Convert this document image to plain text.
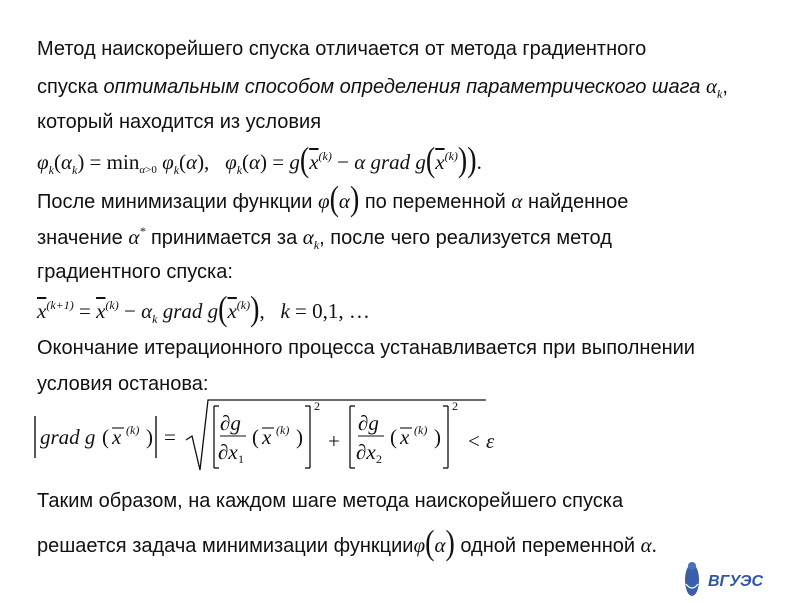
Метод наискорейшего спуска отличается от метода градиентного
спуска оптимальным способом определения параметрического шага $\alpha_k$,
который находится из условия
$\varphi_k(\alpha_k) = \min\alpha>0$ $\varphi_k(\alpha)$,   $\varphi_k(\alpha) = g(\overline{x}^{(k)} - \alpha$ grad $g(\overline{x}^{(k)})$).
После минимизации функции φ(α) по переменной α найденное
значение α* принимается за $\alpha_k$, после чего реализуется метод
градиентного спуска:
$\overline{x}^{(k+1)} = \overline{x}^{(k)} - \alpha_k$ grad $g(\overline{x}^{(k)})$,   k = 0,1, …
Окончание итерационного процесса устанавливается при выполнении
условия останова:
grad g ( x (k) ) =
∂g
∂x 1
( x (k) )
2
+
∂g
∂x 2
( x (k) )
2
< ε
Таким образом, на каждом шаге метода наискорейшего спуска
решается задача минимизации функцииφ(α) одной переменной α.
ВГУЭС
